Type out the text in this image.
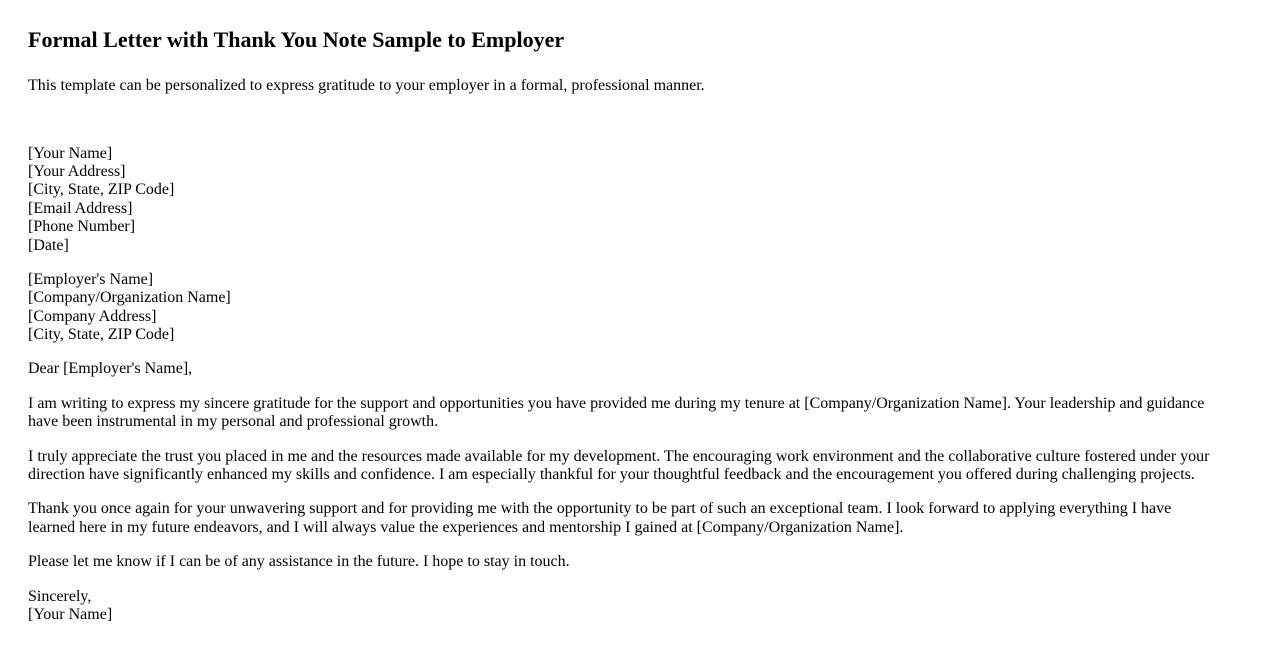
Formal Letter with Thank You Note Sample to Employer

This template can be personalized to express gratitude to your employer in a formal, professional manner.

[Your Name]
[Your Address]
[City, State, ZIP Code]
[Email Address]
[Phone Number]
[Date]
[Employer's Name]
[Company/Organization Name]
[Company Address]
[City, State, ZIP Code]

Dear [Employer's Name],

I am writing to express my sincere gratitude for the support and opportunities you have provided me during my tenure at [Company/Organization Name]. Your leadership and guidance have been instrumental in my personal and professional growth.

I truly appreciate the trust you placed in me and the resources made available for my development. The encouraging work environment and the collaborative culture fostered under your direction have significantly enhanced my skills and confidence. I am especially thankful for your thoughtful feedback and the encouragement you offered during challenging projects.

Thank you once again for your unwavering support and for providing me with the opportunity to be part of such an exceptional team. I look forward to applying everything I have learned here in my future endeavors, and I will always value the experiences and mentorship I gained at [Company/Organization Name].

Please let me know if I can be of any assistance in the future. I hope to stay in touch.

Sincerely,
[Your Name]
